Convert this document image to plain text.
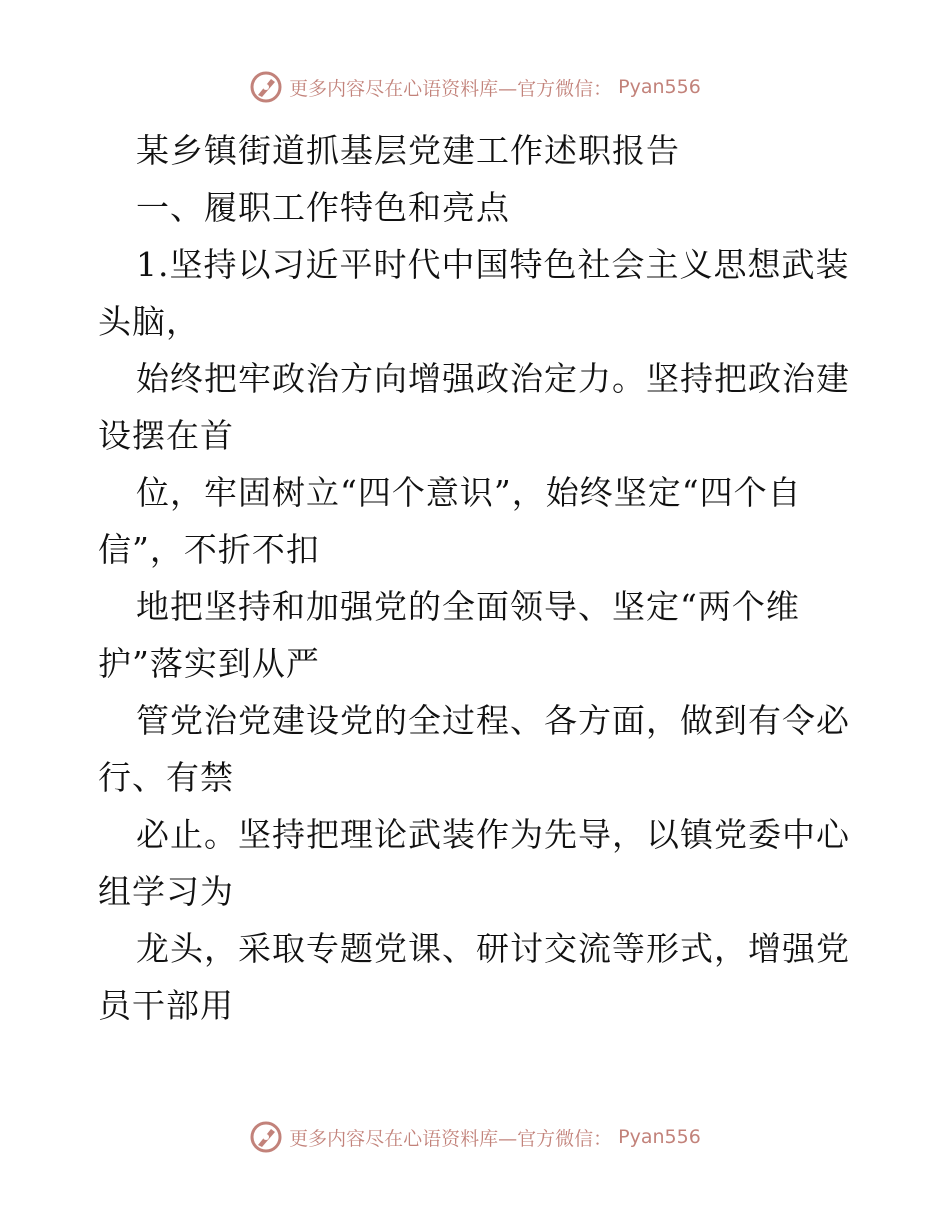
更多内容尽在心语资料库—官方微信： Pyan556
某乡镇街道抓基层党建工作述职报告
一、履职工作特色和亮点
1.坚持以习近平时代中国特色社会主义思想武装
头脑，
始终把牢政治方向增强政治定力。坚持把政治建
设摆在首
位，牢固树立“四个意识”，始终坚定“四个自
信”，不折不扣
地把坚持和加强党的全面领导、坚定“两个维
护”落实到从严
管党治党建设党的全过程、各方面，做到有令必
行、有禁
必止。坚持把理论武装作为先导，以镇党委中心
组学习为
龙头，采取专题党课、研讨交流等形式，增强党
员干部用
更多内容尽在心语资料库—官方微信： Pyan556
